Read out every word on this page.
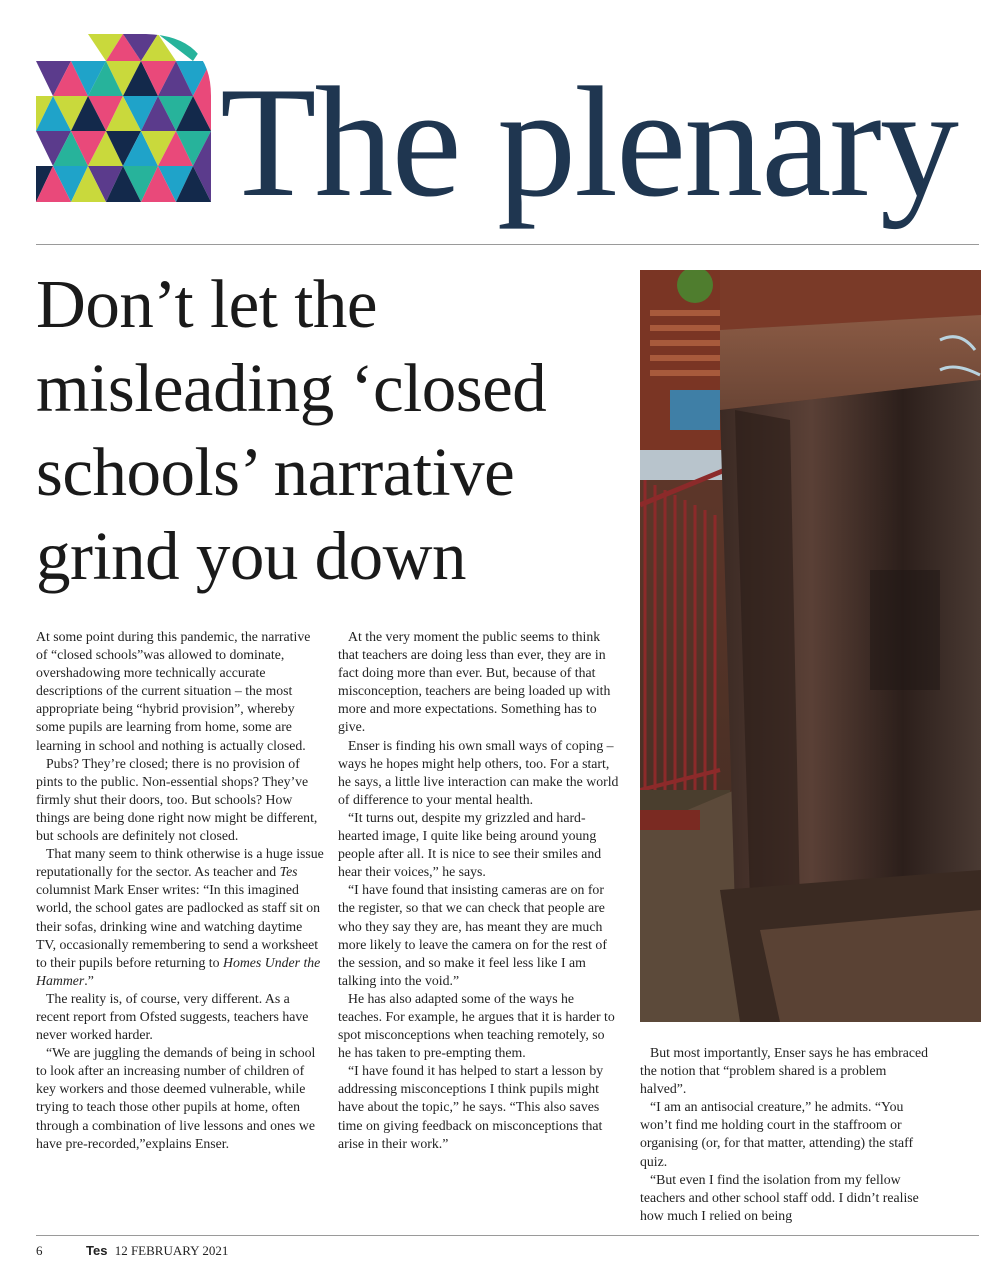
The plenary
Don’t let the misleading ‘closed schools’ narrative grind you down

At some point during this pandemic, the narrative of “closed schools”was allowed to dominate, overshadowing more technically accurate descriptions of the current situation – the most appropriate being “hybrid provision”, whereby some pupils are learning from home, some are learning in school and nothing is actually closed.

Pubs? They’re closed; there is no provision of pints to the public. Non-essential shops? They’ve firmly shut their doors, too. But schools? How things are being done right now might be different, but schools are definitely not closed.

That many seem to think otherwise is a huge issue reputationally for the sector. As teacher and Tes columnist Mark Enser writes: “In this imagined world, the school gates are padlocked as staff sit on their sofas, drinking wine and watching daytime TV, occasionally remembering to send a worksheet to their pupils before returning to Homes Under the Hammer.”

The reality is, of course, very different. As a recent report from Ofsted suggests, teachers have never worked harder.

“We are juggling the demands of being in school to look after an increasing number of children of key workers and those deemed vulnerable, while trying to teach those other pupils at home, often through a combination of live lessons and ones we have pre-recorded,”explains Enser.

At the very moment the public seems to think that teachers are doing less than ever, they are in fact doing more than ever. But, because of that misconception, teachers are being loaded up with more and more expectations. Something has to give.

Enser is finding his own small ways of coping – ways he hopes might help others, too. For a start, he says, a little live interaction can make the world of difference to your mental health.

“It turns out, despite my grizzled and hard-hearted image, I quite like being around young people after all. It is nice to see their smiles and hear their voices,” he says.

“I have found that insisting cameras are on for the register, so that we can check that people are who they say they are, has meant they are much more likely to leave the camera on for the rest of the session, and so make it feel less like I am talking into the void.”

He has also adapted some of the ways he teaches. For example, he argues that it is harder to spot misconceptions when teaching remotely, so he has taken to pre-empting them.

“I have found it has helped to start a lesson by addressing misconceptions I think pupils might have about the topic,” he says. “This also saves time on giving feedback on misconceptions that arise in their work.”

But most importantly, Enser says he has embraced the notion that “problem shared is a problem halved”.

“I am an antisocial creature,” he admits. “You won’t find me holding court in the staffroom or organising (or, for that matter, attending) the staff quiz.

“But even I find the isolation from my fellow teachers and other school staff odd. I didn’t realise how much I relied on being

6	Tes 12 FEBRUARY 2021
